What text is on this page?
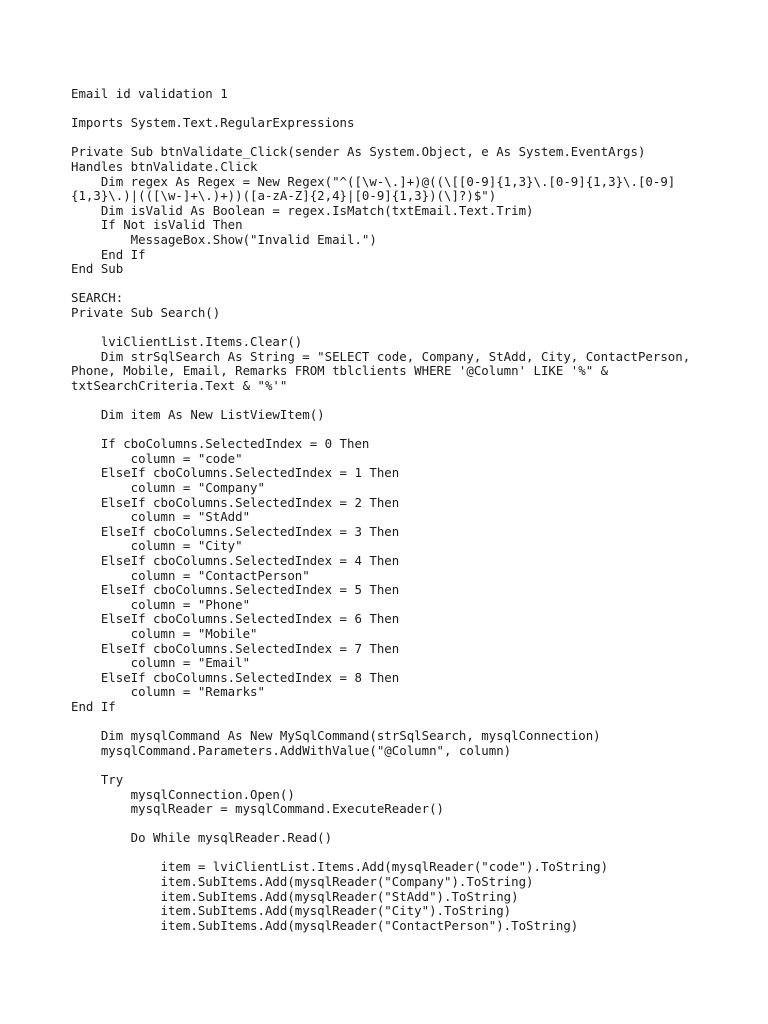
Email id validation 1
Imports System.Text.RegularExpressions
Private Sub btnValidate_Click(sender As System.Object, e As System.EventArgs)
Handles btnValidate.Click
Dim regex As Regex = New Regex("^([\w-\.]+)@((\[[0-9]{1,3}\.[0-9]{1,3}\.[0-9]
{1,3}\.)|(([\w-]+\.)+))([a-zA-Z]{2,4}|[0-9]{1,3})(\]?)$")
Dim isValid As Boolean = regex.IsMatch(txtEmail.Text.Trim)
If Not isValid Then
MessageBox.Show("Invalid Email.")
End If
End Sub
SEARCH:
Private Sub Search()
lviClientList.Items.Clear()
Dim strSqlSearch As String = "SELECT code, Company, StAdd, City, ContactPerson,
Phone, Mobile, Email, Remarks FROM tblclients WHERE '@Column' LIKE '%" &
txtSearchCriteria.Text & "%'"
Dim item As New ListViewItem()
If cboColumns.SelectedIndex = 0 Then
column = "code"
ElseIf cboColumns.SelectedIndex = 1 Then
column = "Company"
ElseIf cboColumns.SelectedIndex = 2 Then
column = "StAdd"
ElseIf cboColumns.SelectedIndex = 3 Then
column = "City"
ElseIf cboColumns.SelectedIndex = 4 Then
column = "ContactPerson"
ElseIf cboColumns.SelectedIndex = 5 Then
column = "Phone"
ElseIf cboColumns.SelectedIndex = 6 Then
column = "Mobile"
ElseIf cboColumns.SelectedIndex = 7 Then
column = "Email"
ElseIf cboColumns.SelectedIndex = 8 Then
column = "Remarks"
End If
Dim mysqlCommand As New MySqlCommand(strSqlSearch, mysqlConnection)
mysqlCommand.Parameters.AddWithValue("@Column", column)
Try
mysqlConnection.Open()
mysqlReader = mysqlCommand.ExecuteReader()
Do While mysqlReader.Read()
item = lviClientList.Items.Add(mysqlReader("code").ToString)
item.SubItems.Add(mysqlReader("Company").ToString)
item.SubItems.Add(mysqlReader("StAdd").ToString)
item.SubItems.Add(mysqlReader("City").ToString)
item.SubItems.Add(mysqlReader("ContactPerson").ToString)
